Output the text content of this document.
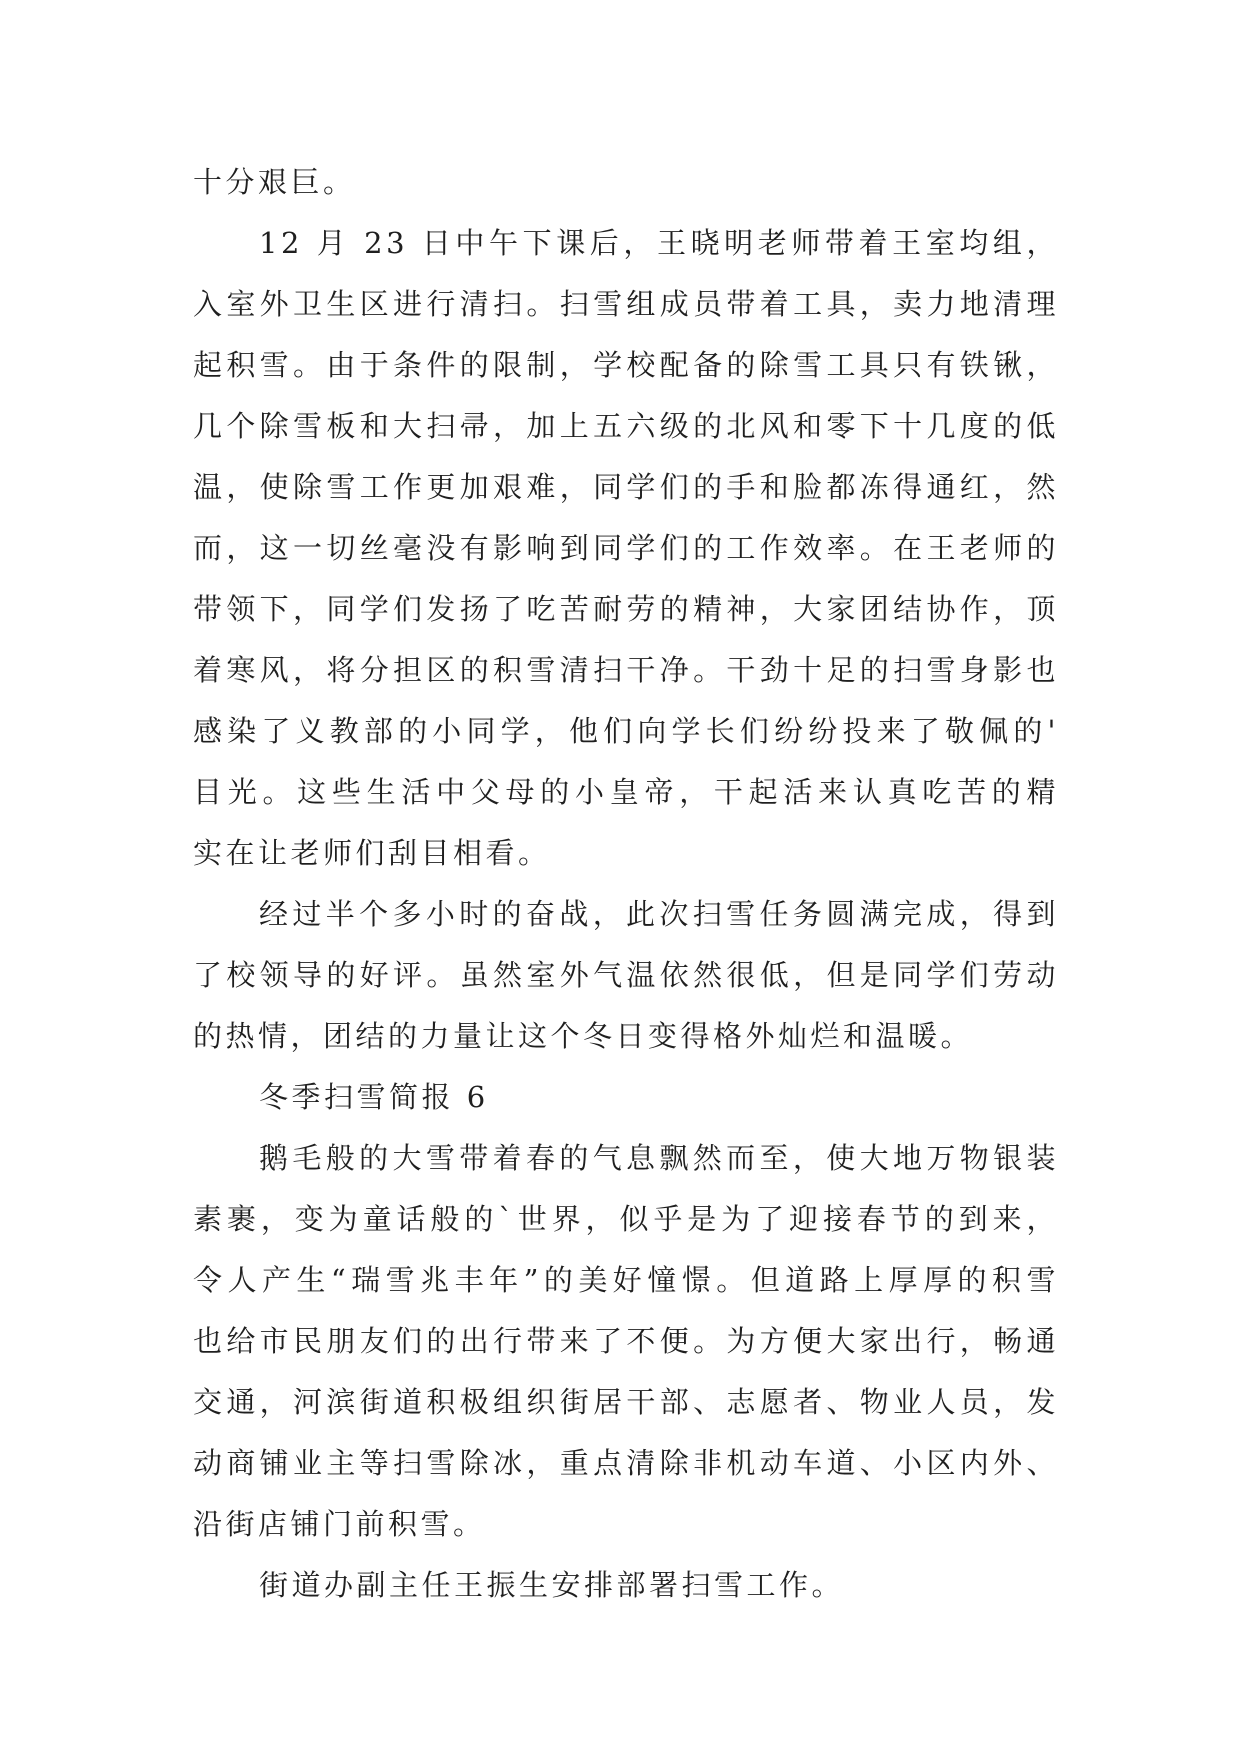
十分艰巨。
12 月 23 日中午下课后，王晓明老师带着王室均组，
入室外卫生区进行清扫。扫雪组成员带着工具，卖力地清理
起积雪。由于条件的限制，学校配备的除雪工具只有铁锹，
几个除雪板和大扫帚，加上五六级的北风和零下十几度的低
温，使除雪工作更加艰难，同学们的手和脸都冻得通红，然
而，这一切丝毫没有影响到同学们的工作效率。在王老师的
带领下，同学们发扬了吃苦耐劳的精神，大家团结协作，顶
着寒风，将分担区的积雪清扫干净。干劲十足的扫雪身影也
感染了义教部的小同学，他们向学长们纷纷投来了敬佩的'
目光。这些生活中父母的小皇帝，干起活来认真吃苦的精
实在让老师们刮目相看。
经过半个多小时的奋战，此次扫雪任务圆满完成，得到
了校领导的好评。虽然室外气温依然很低，但是同学们劳动
的热情，团结的力量让这个冬日变得格外灿烂和温暖。
冬季扫雪简报 6
鹅毛般的大雪带着春的气息飘然而至，使大地万物银装
素裹，变为童话般的`世界，似乎是为了迎接春节的到来，
令人产生“瑞雪兆丰年”的美好憧憬。但道路上厚厚的积雪
也给市民朋友们的出行带来了不便。为方便大家出行，畅通
交通，河滨街道积极组织街居干部、志愿者、物业人员，发
动商铺业主等扫雪除冰，重点清除非机动车道、小区内外、
沿街店铺门前积雪。
街道办副主任王振生安排部署扫雪工作。
